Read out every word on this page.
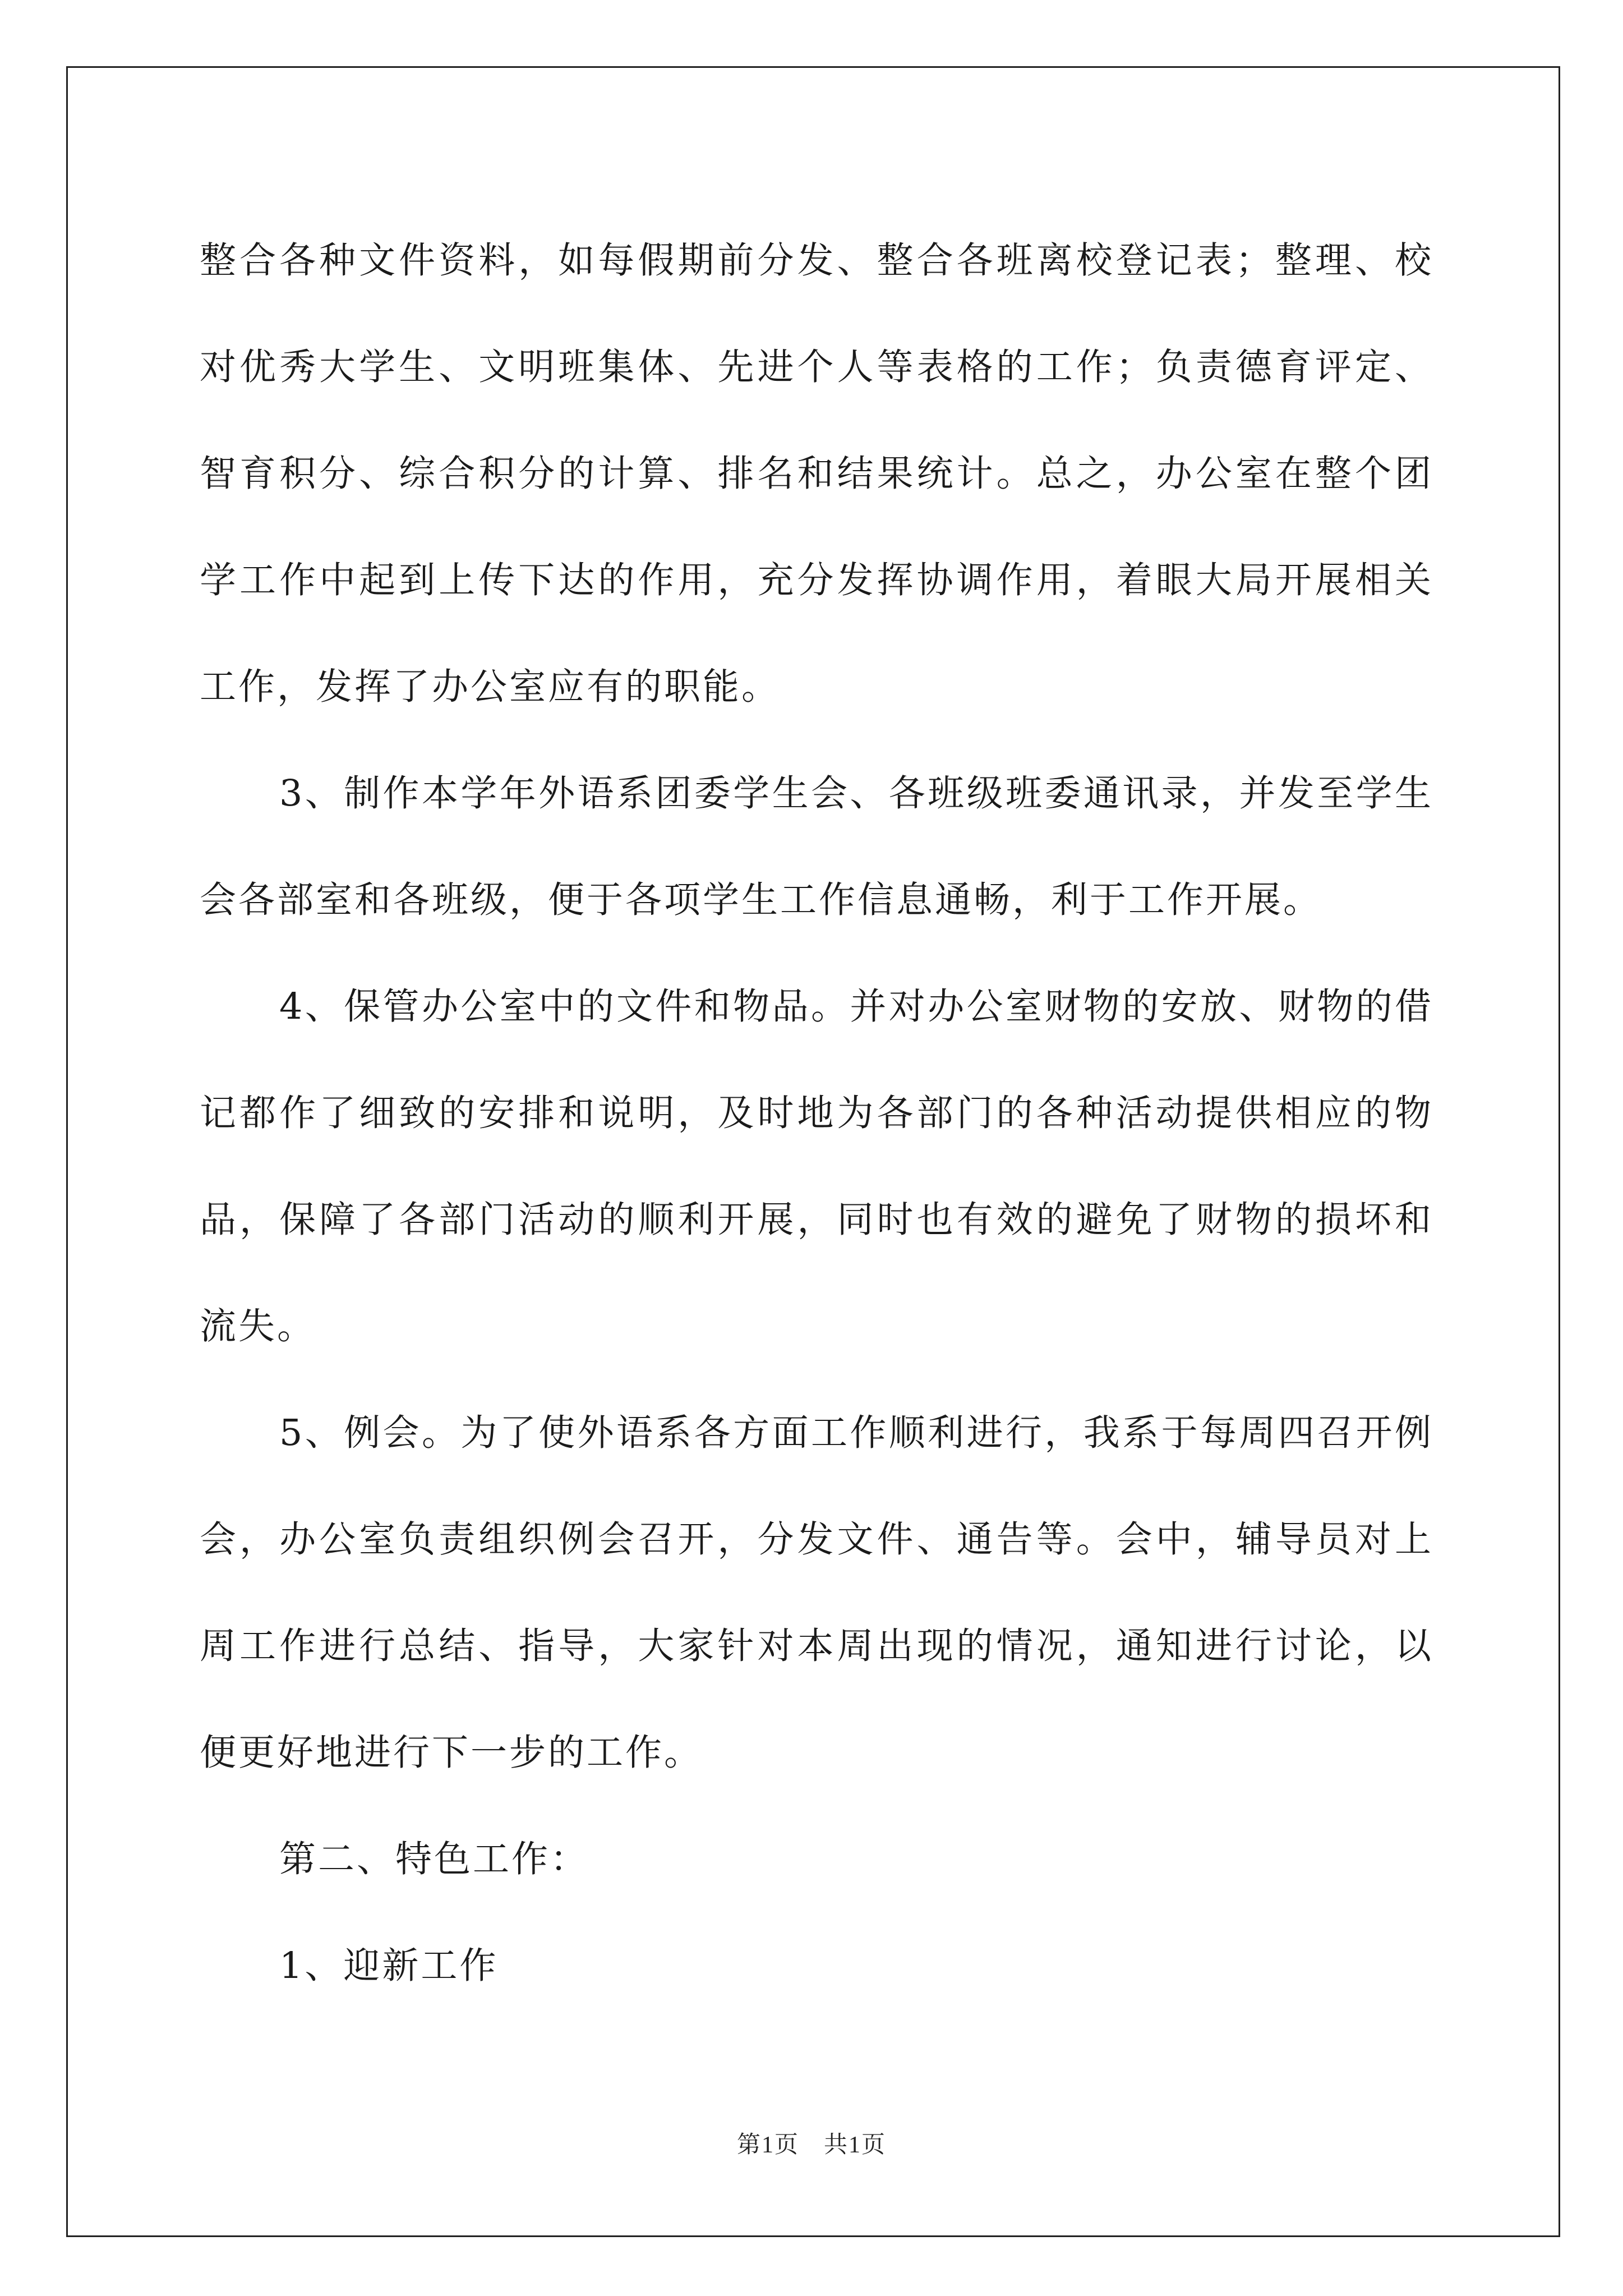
整合各种文件资料，如每假期前分发、整合各班离校登记表；整理、校对优秀大学生、文明班集体、先进个人等表格的工作；负责德育评定、智育积分、综合积分的计算、排名和结果统计。总之，办公室在整个团学工作中起到上传下达的作用，充分发挥协调作用，着眼大局开展相关工作，发挥了办公室应有的职能。

3、制作本学年外语系团委学生会、各班级班委通讯录，并发至学生会各部室和各班级，便于各项学生工作信息通畅，利于工作开展。

4、保管办公室中的文件和物品。并对办公室财物的安放、财物的借记都作了细致的安排和说明，及时地为各部门的各种活动提供相应的物品，保障了各部门活动的顺利开展，同时也有效的避免了财物的损坏和流失。

5、例会。为了使外语系各方面工作顺利进行，我系于每周四召开例会，办公室负责组织例会召开，分发文件、通告等。会中，辅导员对上周工作进行总结、指导，大家针对本周出现的情况，通知进行讨论，以便更好地进行下一步的工作。

第二、特色工作：

1、迎新工作

第1页　共1页
